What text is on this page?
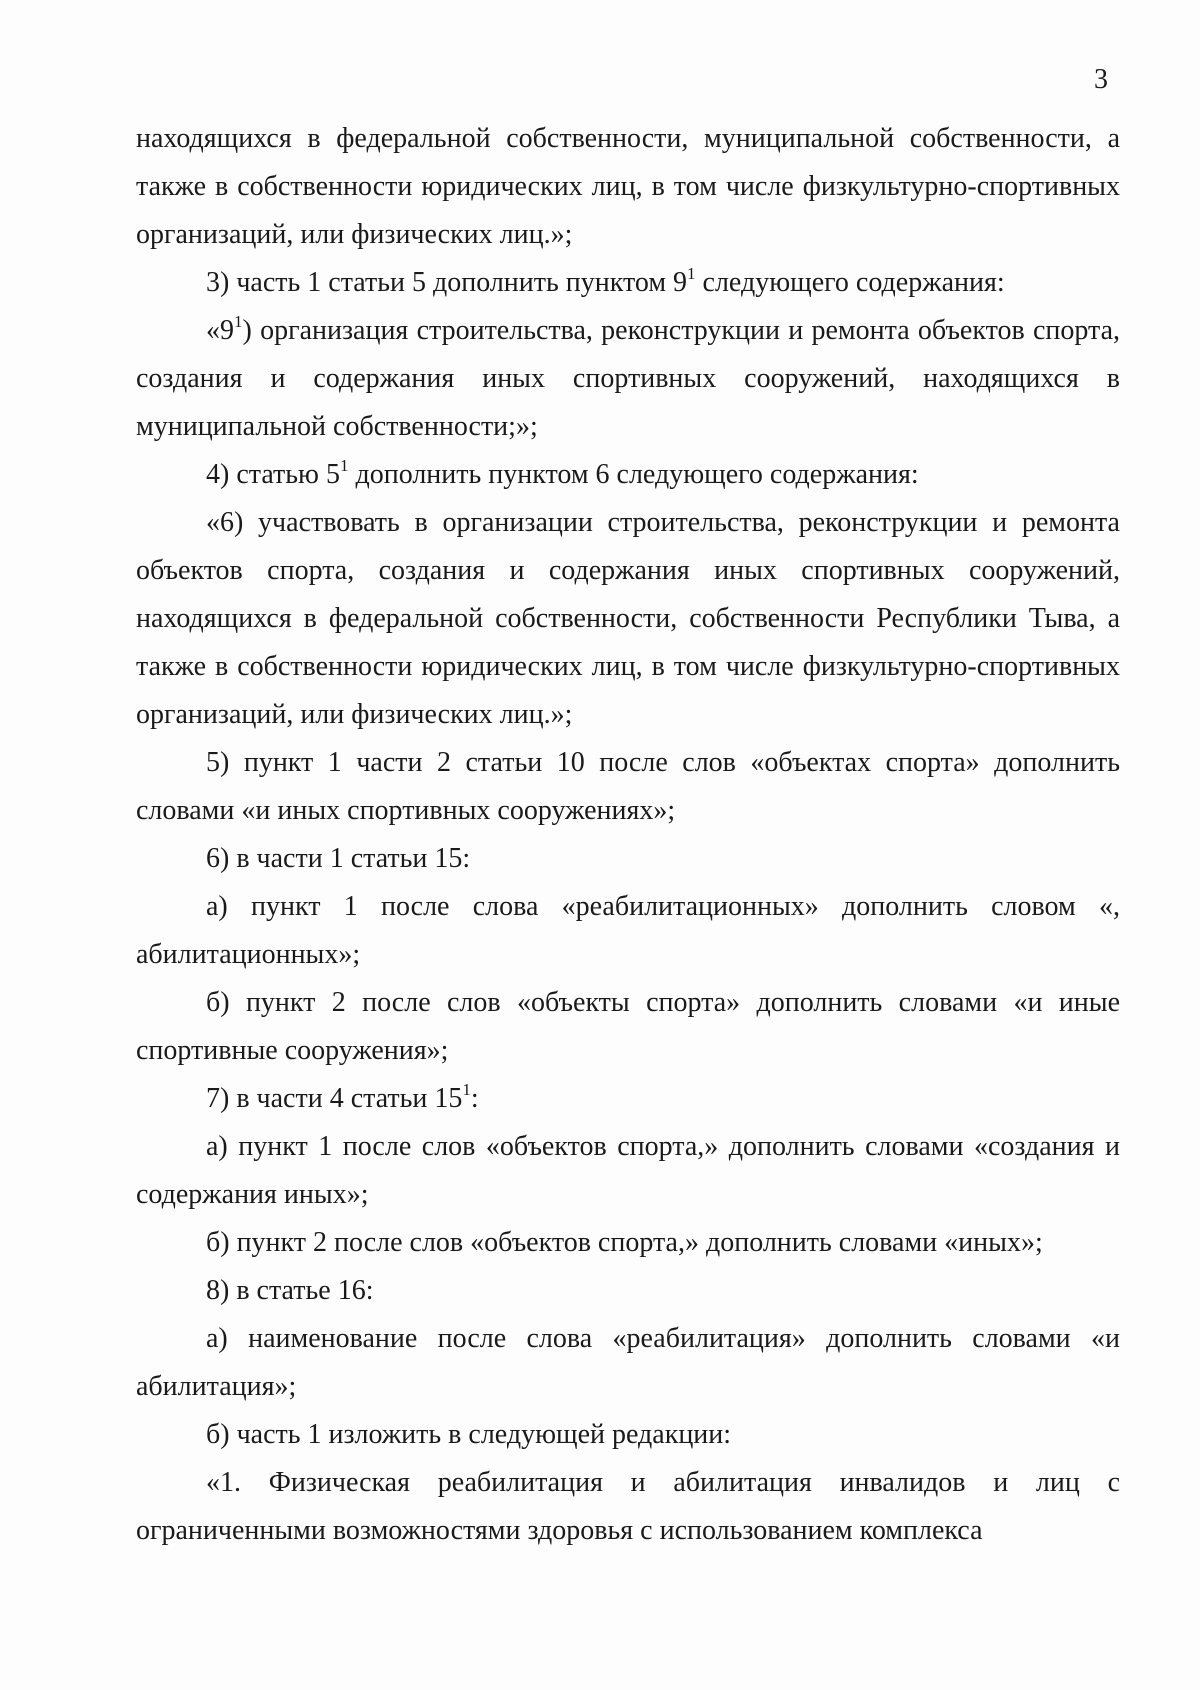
3

находящихся в федеральной собственности, муниципальной собственности, а также в собственности юридических лиц, в том числе физкультурно-спортивных организаций, или физических лиц.»;

3) часть 1 статьи 5 дополнить пунктом $9^1$ следующего содержания:

«$9^1$) организация строительства, реконструкции и ремонта объектов спорта, создания и содержания иных спортивных сооружений, находящихся в муниципальной собственности;»;

4) статью $5^1$ дополнить пунктом 6 следующего содержания:

«6) участвовать в организации строительства, реконструкции и ремонта объектов спорта, создания и содержания иных спортивных сооружений, находящихся в федеральной собственности, собственности Республики Тыва, а также в собственности юридических лиц, в том числе физкультурно-спортивных организаций, или физических лиц.»;

5) пункт 1 части 2 статьи 10 после слов «объектах спорта» дополнить словами «и иных спортивных сооружениях»;

6) в части 1 статьи 15:

а) пункт 1 после слова «реабилитационных» дополнить словом «, абилитационных»;

б) пункт 2 после слов «объекты спорта» дополнить словами «и иные спортивные сооружения»;

7) в части 4 статьи $15^1$:

а) пункт 1 после слов «объектов спорта,» дополнить словами «создания и содержания иных»;

б) пункт 2 после слов «объектов спорта,» дополнить словами «иных»;

8) в статье 16:

а) наименование после слова «реабилитация» дополнить словами «и абилитация»;

б) часть 1 изложить в следующей редакции:

«1. Физическая реабилитация и абилитация инвалидов и лиц с ограниченными возможностями здоровья с использованием комплекса
